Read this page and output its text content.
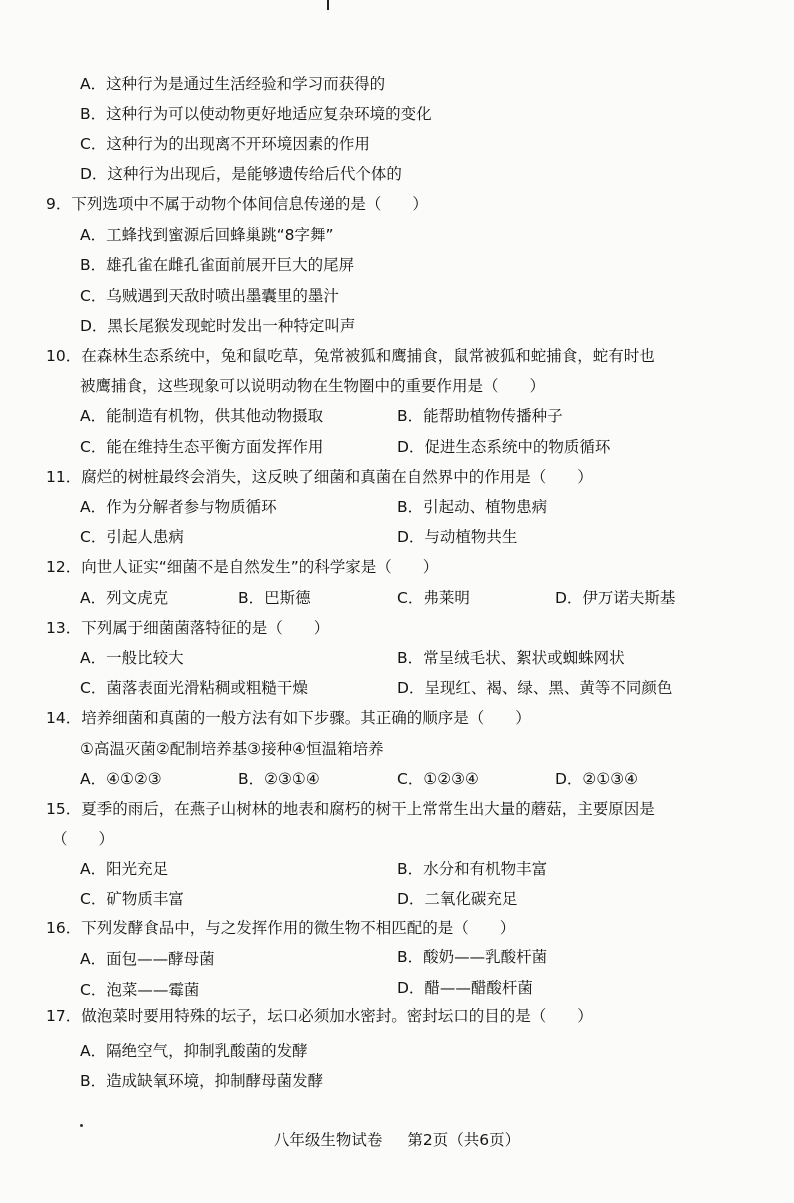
A．这种行为是通过生活经验和学习而获得的
B．这种行为可以使动物更好地适应复杂环境的变化
C．这种行为的出现离不开环境因素的作用
D．这种行为出现后，是能够遗传给后代个体的
9．下列选项中不属于动物个体间信息传递的是（　　）
A．工蜂找到蜜源后回蜂巢跳“8字舞”
B．雄孔雀在雌孔雀面前展开巨大的尾屏
C．乌贼遇到天敌时喷出墨囊里的墨汁
D．黑长尾猴发现蛇时发出一种特定叫声
10．在森林生态系统中，兔和鼠吃草，兔常被狐和鹰捕食，鼠常被狐和蛇捕食，蛇有时也
被鹰捕食，这些现象可以说明动物在生物圈中的重要作用是（　　）
A．能制造有机物，供其他动物摄取	B．能帮助植物传播种子
C．能在维持生态平衡方面发挥作用	D．促进生态系统中的物质循环
11．腐烂的树桩最终会消失，这反映了细菌和真菌在自然界中的作用是（　　）
A．作为分解者参与物质循环	B．引起动、植物患病
C．引起人患病	D．与动植物共生
12．向世人证实“细菌不是自然发生”的科学家是（　　）
A．列文虎克	B．巴斯德	C．弗莱明	D．伊万诺夫斯基
13．下列属于细菌菌落特征的是（　　）
A．一般比较大	B．常呈绒毛状、絮状或蜘蛛网状
C．菌落表面光滑粘稠或粗糙干燥	D．呈现红、褐、绿、黑、黄等不同颜色
14．培养细菌和真菌的一般方法有如下步骤。其正确的顺序是（　　）
①高温灭菌②配制培养基③接种④恒温箱培养
A．④①②③	B．②③①④	C．①②③④	D．②①③④
15．夏季的雨后，在燕子山树林的地表和腐朽的树干上常常生出大量的蘑菇，主要原因是
（　　）
A．阳光充足	B．水分和有机物丰富
C．矿物质丰富	D．二氧化碳充足
16．下列发酵食品中，与之发挥作用的微生物不相匹配的是（　　）
A．面包——酵母菌	B．酸奶——乳酸杆菌
C．泡菜——霉菌	D．醋——醋酸杆菌
17．做泡菜时要用特殊的坛子，坛口必须加水密封。密封坛口的目的是（　　）
A．隔绝空气，抑制乳酸菌的发酵
B．造成缺氧环境，抑制酵母菌发酵
八年级生物试卷 第2页（共6页）
